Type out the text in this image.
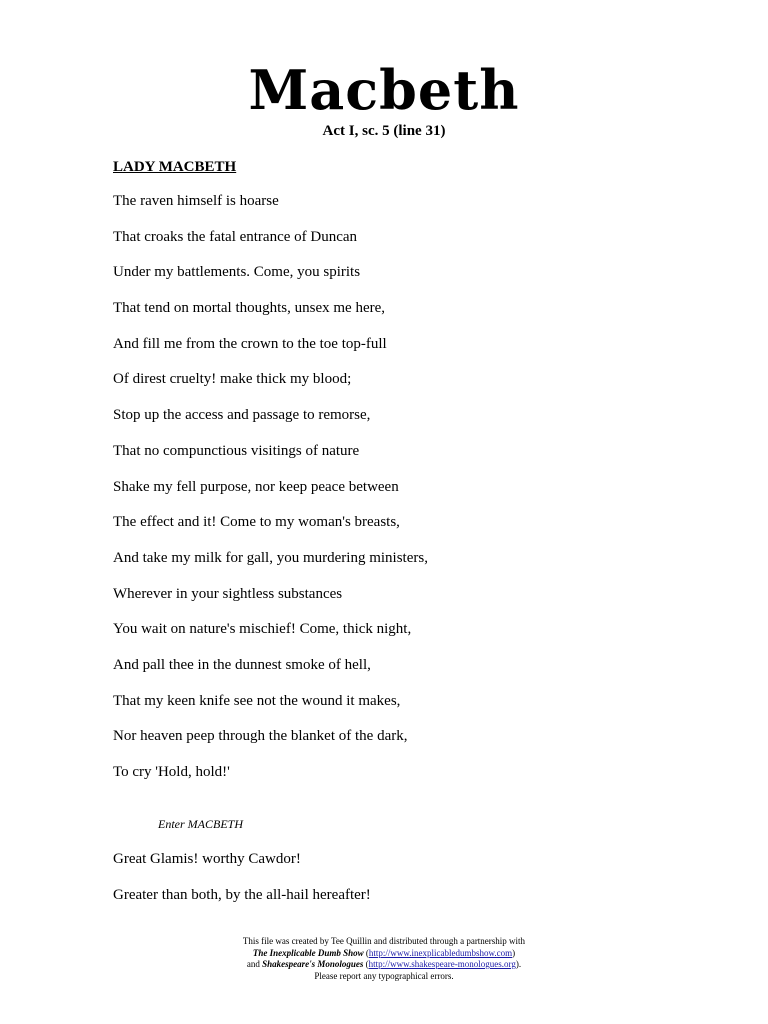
Macbeth
Act I, sc. 5 (line 31)
LADY MACBETH
The raven himself is hoarse
That croaks the fatal entrance of Duncan
Under my battlements. Come, you spirits
That tend on mortal thoughts, unsex me here,
And fill me from the crown to the toe top-full
Of direst cruelty! make thick my blood;
Stop up the access and passage to remorse,
That no compunctious visitings of nature
Shake my fell purpose, nor keep peace between
The effect and it! Come to my woman's breasts,
And take my milk for gall, you murdering ministers,
Wherever in your sightless substances
You wait on nature's mischief! Come, thick night,
And pall thee in the dunnest smoke of hell,
That my keen knife see not the wound it makes,
Nor heaven peep through the blanket of the dark,
To cry 'Hold, hold!'
Enter MACBETH
Great Glamis! worthy Cawdor!
Greater than both, by the all-hail hereafter!
This file was created by Tee Quillin and distributed through a partnership with
The Inexplicable Dumb Show (http://www.inexplicabledumbshow.com)
and Shakespeare's Monologues (http://www.shakespeare-monologues.org).
Please report any typographical errors.
